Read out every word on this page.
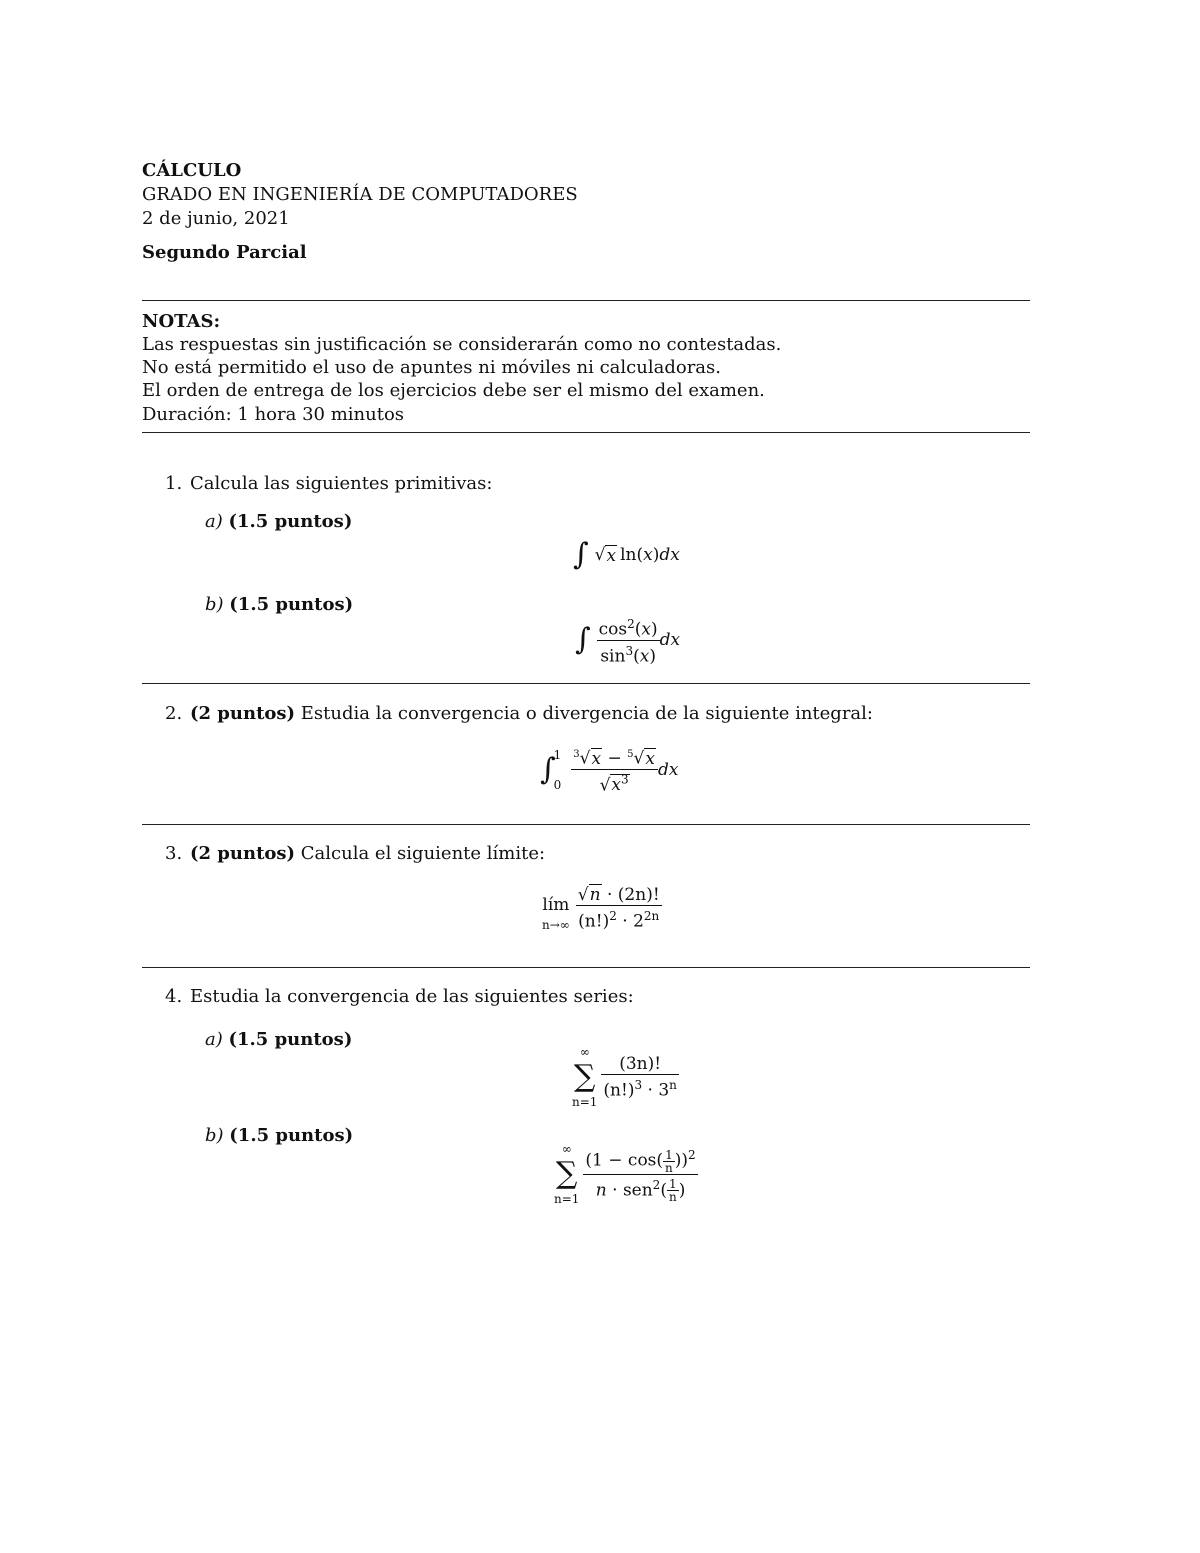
CÁLCULO
GRADO EN INGENIERÍA DE COMPUTADORES
2 de junio, 2021
Segundo Parcial
NOTAS:
Las respuestas sin justificación se considerarán como no contestadas.
No está permitido el uso de apuntes ni móviles ni calculadoras.
El orden de entrega de los ejercicios debe ser el mismo del examen.
Duración: 1 hora 30 minutos
1. Calcula las siguientes primitivas:
a) (1.5 puntos)
∫ √ x ln ( x ) dx
b) (1.5 puntos)
∫ $\frac{\cos^2(x)}{\sin^3(x)}$ dx
2. (2 puntos) Estudia la convergencia o divergencia de la siguiente integral:
∫
1
$0 \frac{^3√x - ^5√x}{√x^3}$ dx
3. (2 puntos) Calcula el siguiente límite:
lím
$n\to\infty \frac{√n \cdot (2n)!}{(n!)^2 \cdot 2^{2n}}$
4. Estudia la convergencia de las siguientes series:
a) (1.5 puntos)
∞
∑
n=1
$\frac{(3n)!}{(n!)^3 \cdot 3^n}$
b) (1.5 puntos)
∞
∑
$n=1 \frac{(1 - \cos( \frac{1}{n} ))^2}{n \cdot sen^2( \frac{1}{n} )}$
